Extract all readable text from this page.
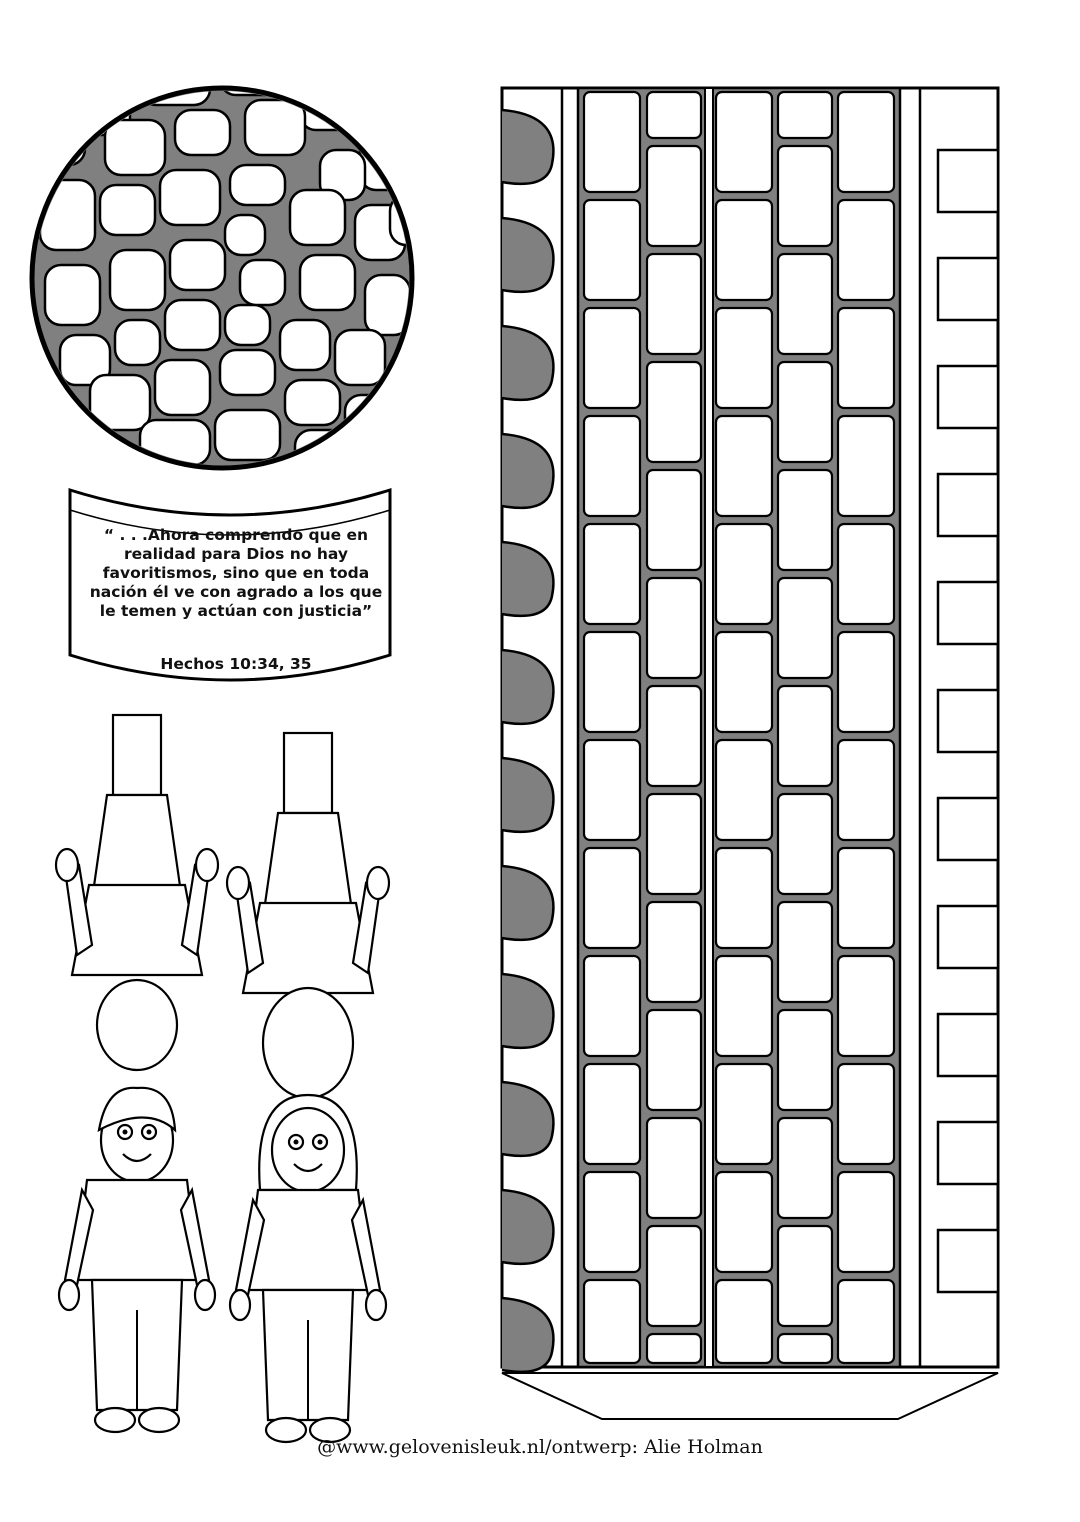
“ . . .Ahora comprendo que en realidad para Dios no hay favoritismos, sino que en toda nación él ve con agrado a los que le temen y actúan con justicia”
Hechos 10:34, 35
@www.gelovenisleuk.nl/ontwerp: Alie Holman
